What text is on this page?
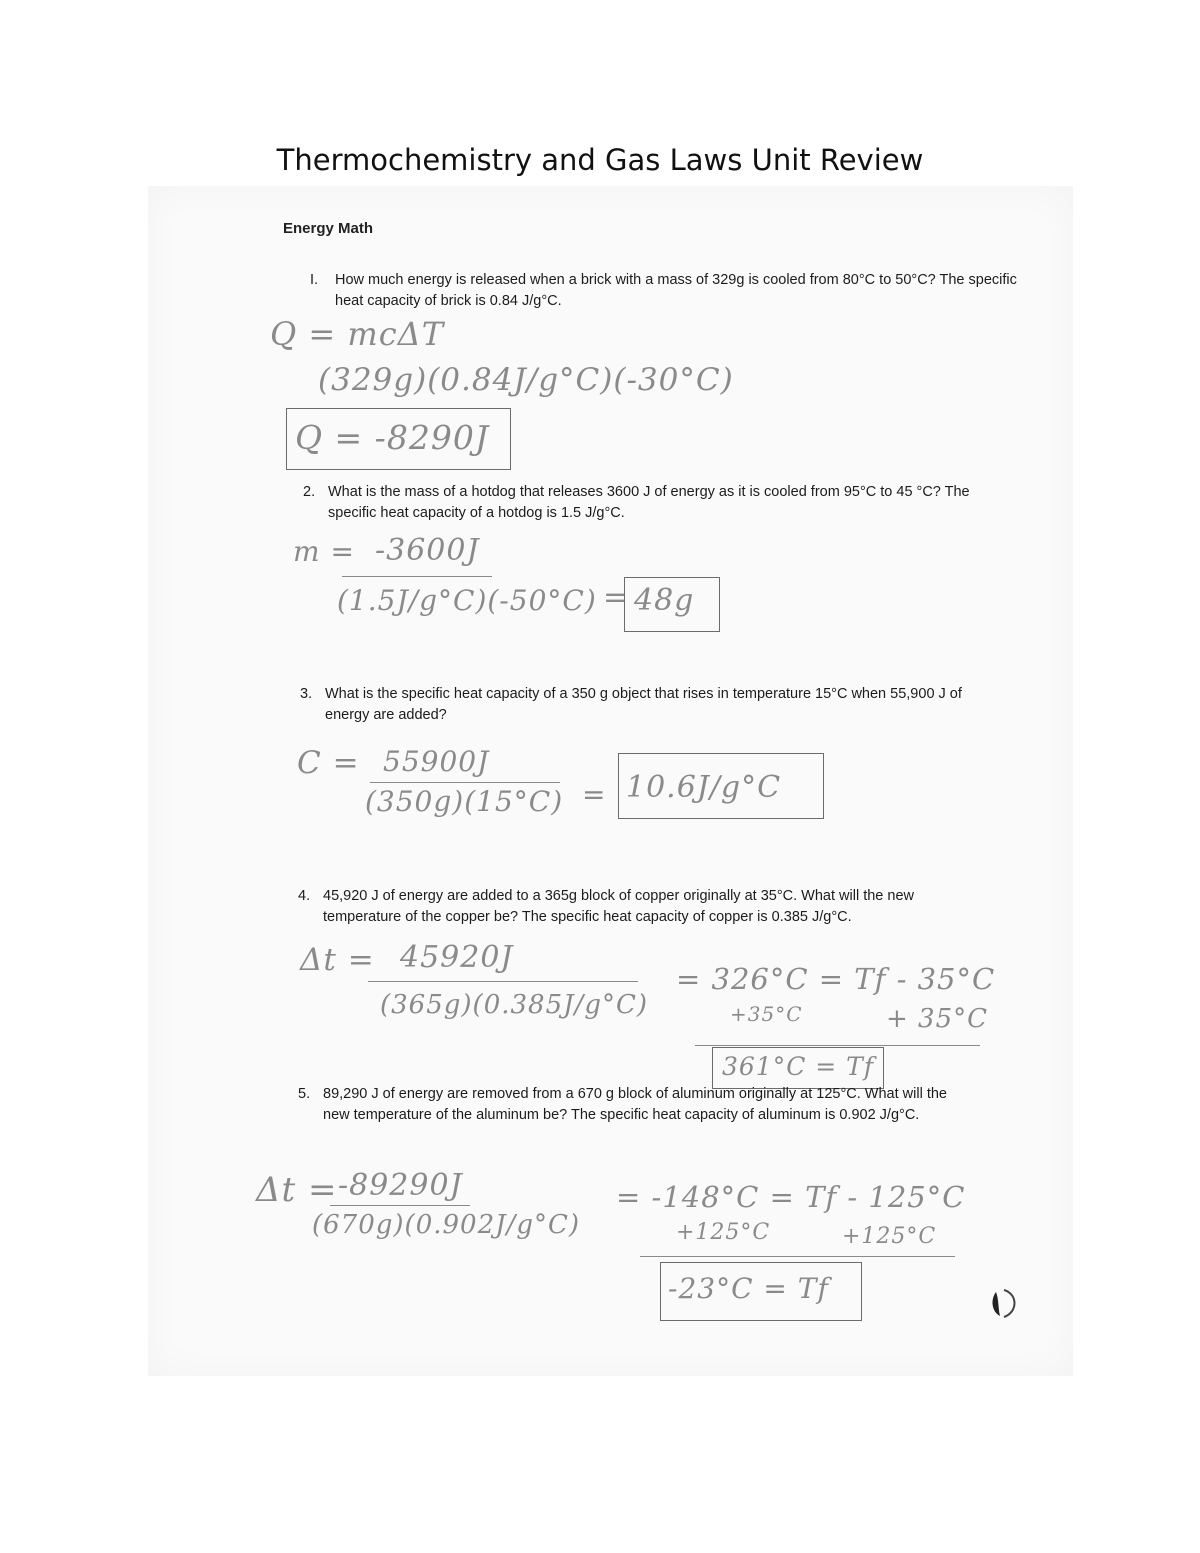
Thermochemistry and Gas Laws Unit Review
Energy Math
I.	How much energy is released when a brick with a mass of 329g is cooled from 80°C to 50°C? The specific heat capacity of brick is 0.84 J/g°C.
Q = mcΔT
(329g)(0.84J/g°C)(-30°C)
Q = -8290J
2. What is the mass of a hotdog that releases 3600 J of energy as it is cooled from 95°C to 45 °C? The specific heat capacity of a hotdog is 1.5 J/g°C.
m = -3600J
(1.5J/g°C)(-50°C) = 48g
3. What is the specific heat capacity of a 350 g object that rises in temperature 15°C when 55,900 J of energy are added?
C = 55900J
(350g)(15°C) = 10.6J/g°C
4. 45,920 J of energy are added to a 365g block of copper originally at 35°C. What will the new temperature of the copper be? The specific heat capacity of copper is 0.385 J/g°C.
Δt = 45920J
(365g)(0.385J/g°C)
= 326°C = Tf - 35°C
+35°C	+ 35°C
361°C = Tf
5. 89,290 J of energy are removed from a 670 g block of aluminum originally at 125°C. What will the new temperature of the aluminum be? The specific heat capacity of aluminum is 0.902 J/g°C.
Δt = -89290J
(670g)(0.902J/g°C)
= -148°C = Tf - 125°C
+125°C	+125°C
-23°C = Tf
